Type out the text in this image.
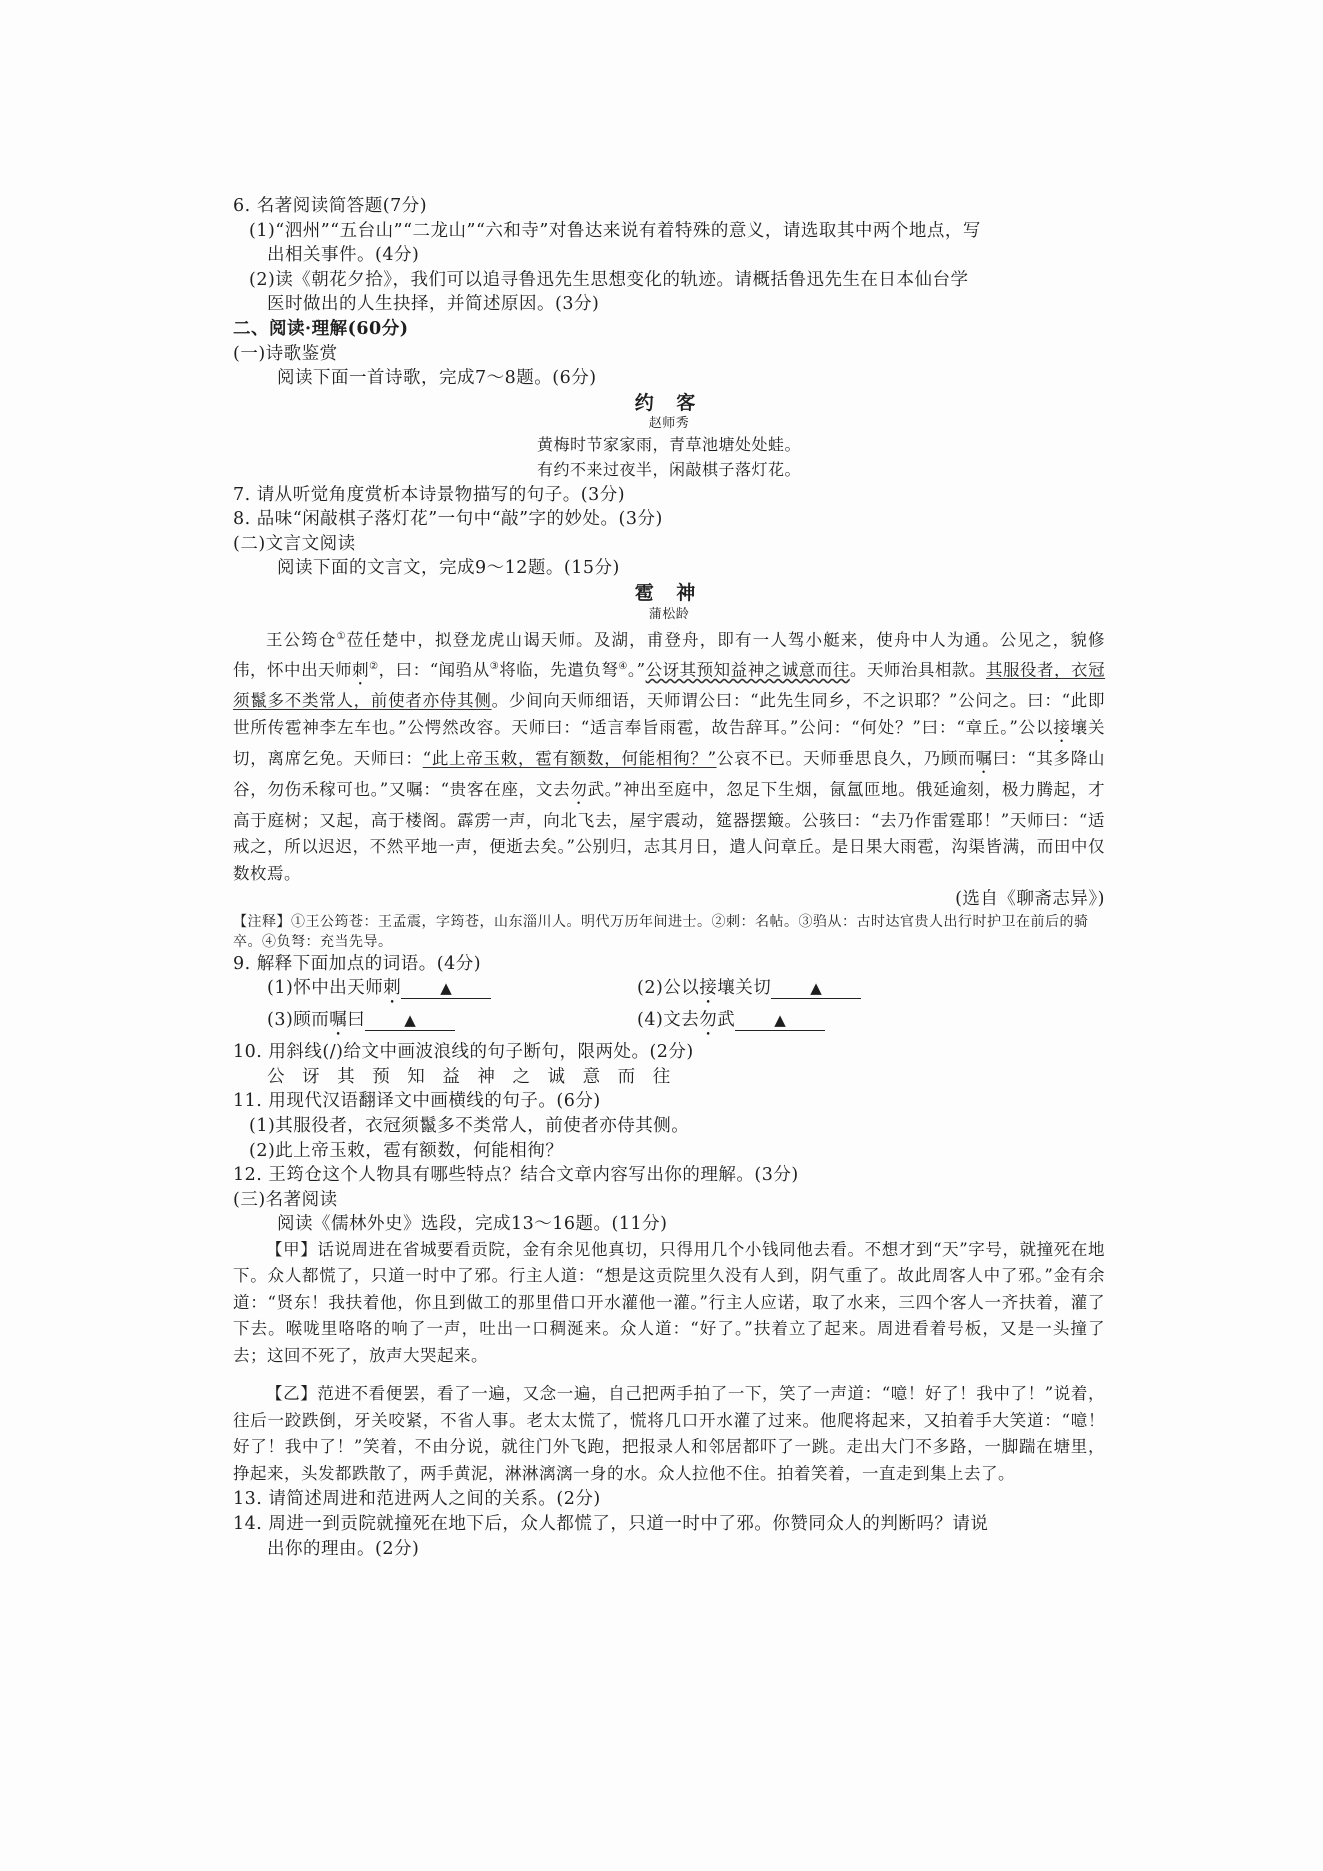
6. 名著阅读简答题(7分)
(1)“泗州”“五台山”“二龙山”“六和寺”对鲁达来说有着特殊的意义，请选取其中两个地点，写
出相关事件。(4分)
(2)读《朝花夕拾》，我们可以追寻鲁迅先生思想变化的轨迹。请概括鲁迅先生在日本仙台学
医时做出的人生抉择，并简述原因。(3分)
二、阅读·理解(60分)
(一)诗歌鉴赏
阅读下面一首诗歌，完成7～8题。(6分)
约 客
赵师秀
黄梅时节家家雨，青草池塘处处蛙。
有约不来过夜半，闲敲棋子落灯花。
7. 请从听觉角度赏析本诗景物描写的句子。(3分)
8. 品味“闲敲棋子落灯花”一句中“敲”字的妙处。(3分)
(二)文言文阅读
阅读下面的文言文，完成9～12题。(15分)
雹 神
蒲松龄
王公筠仓①莅任楚中，拟登龙虎山谒天师。及湖，甫登舟，即有一人驾小艇来，使舟中人为通。公见之，貌修伟，怀中出天师刺②，曰：“闻驺从③将临，先遣负弩④。”公讶其预知益神之诚意而往。天师治具相款。其服役者，衣冠须鬣多不类常人，前使者亦侍其侧。少间向天师细语，天师谓公曰：“此先生同乡，不之识耶？”公问之。曰：“此即世所传雹神李左车也。”公愕然改容。天师曰：“适言奉旨雨雹，故告辞耳。”公问：“何处？”曰：“章丘。”公以接壤关切，离席乞免。天师曰：“此上帝玉敕，雹有额数，何能相徇？”公哀不已。天师垂思良久，乃顾而嘱曰：“其多降山谷，勿伤禾稼可也。”又嘱：“贵客在座，文去勿武。”神出至庭中，忽足下生烟，氤氲匝地。俄延逾刻，极力腾起，才高于庭树；又起，高于楼阁。霹雳一声，向北飞去，屋宇震动，筵器摆簸。公骇曰：“去乃作雷霆耶！”天师曰：“适戒之，所以迟迟，不然平地一声，便逝去矣。”公别归，志其月日，遣人问章丘。是日果大雨雹，沟渠皆满，而田中仅数枚焉。
(选自《聊斋志异》)
【注释】①王公筠苍：王孟震，字筠苍，山东淄川人。明代万历年间进士。②刺：名帖。③驺从：古时达官贵人出行时护卫在前后的骑卒。④负弩：充当先导。
9. 解释下面加点的词语。(4分)
(1)怀中出天师刺	▲	(2)公以接壤关切	▲
(3)顾而嘱曰	▲	(4)文去勿武	▲
10. 用斜线(/)给文中画波浪线的句子断句，限两处。(2分)
公 讶 其 预 知 益 神 之 诚 意 而 往
11. 用现代汉语翻译文中画横线的句子。(6分)
(1)其服役者，衣冠须鬣多不类常人，前使者亦侍其侧。
(2)此上帝玉敕，雹有额数，何能相徇？
12. 王筠仓这个人物具有哪些特点？结合文章内容写出你的理解。(3分)
(三)名著阅读
阅读《儒林外史》选段，完成13～16题。(11分)
【甲】话说周进在省城要看贡院，金有余见他真切，只得用几个小钱同他去看。不想才到“天”字号，就撞死在地下。众人都慌了，只道一时中了邪。行主人道：“想是这贡院里久没有人到，阴气重了。故此周客人中了邪。”金有余道：“贤东！我扶着他，你且到做工的那里借口开水灌他一灌。”行主人应诺，取了水来，三四个客人一齐扶着，灌了下去。喉咙里咯咯的响了一声，吐出一口稠涎来。众人道：“好了。”扶着立了起来。周进看着号板，又是一头撞了去；这回不死了，放声大哭起来。
【乙】范进不看便罢，看了一遍，又念一遍，自己把两手拍了一下，笑了一声道：“噫！好了！我中了！”说着，往后一跤跌倒，牙关咬紧，不省人事。老太太慌了，慌将几口开水灌了过来。他爬将起来，又拍着手大笑道：“噫！好了！我中了！”笑着，不由分说，就往门外飞跑，把报录人和邻居都吓了一跳。走出大门不多路，一脚踹在塘里，挣起来，头发都跌散了，两手黄泥，淋淋漓漓一身的水。众人拉他不住。拍着笑着，一直走到集上去了。
13. 请简述周进和范进两人之间的关系。(2分)
14. 周进一到贡院就撞死在地下后，众人都慌了，只道一时中了邪。你赞同众人的判断吗？请说
出你的理由。(2分)
